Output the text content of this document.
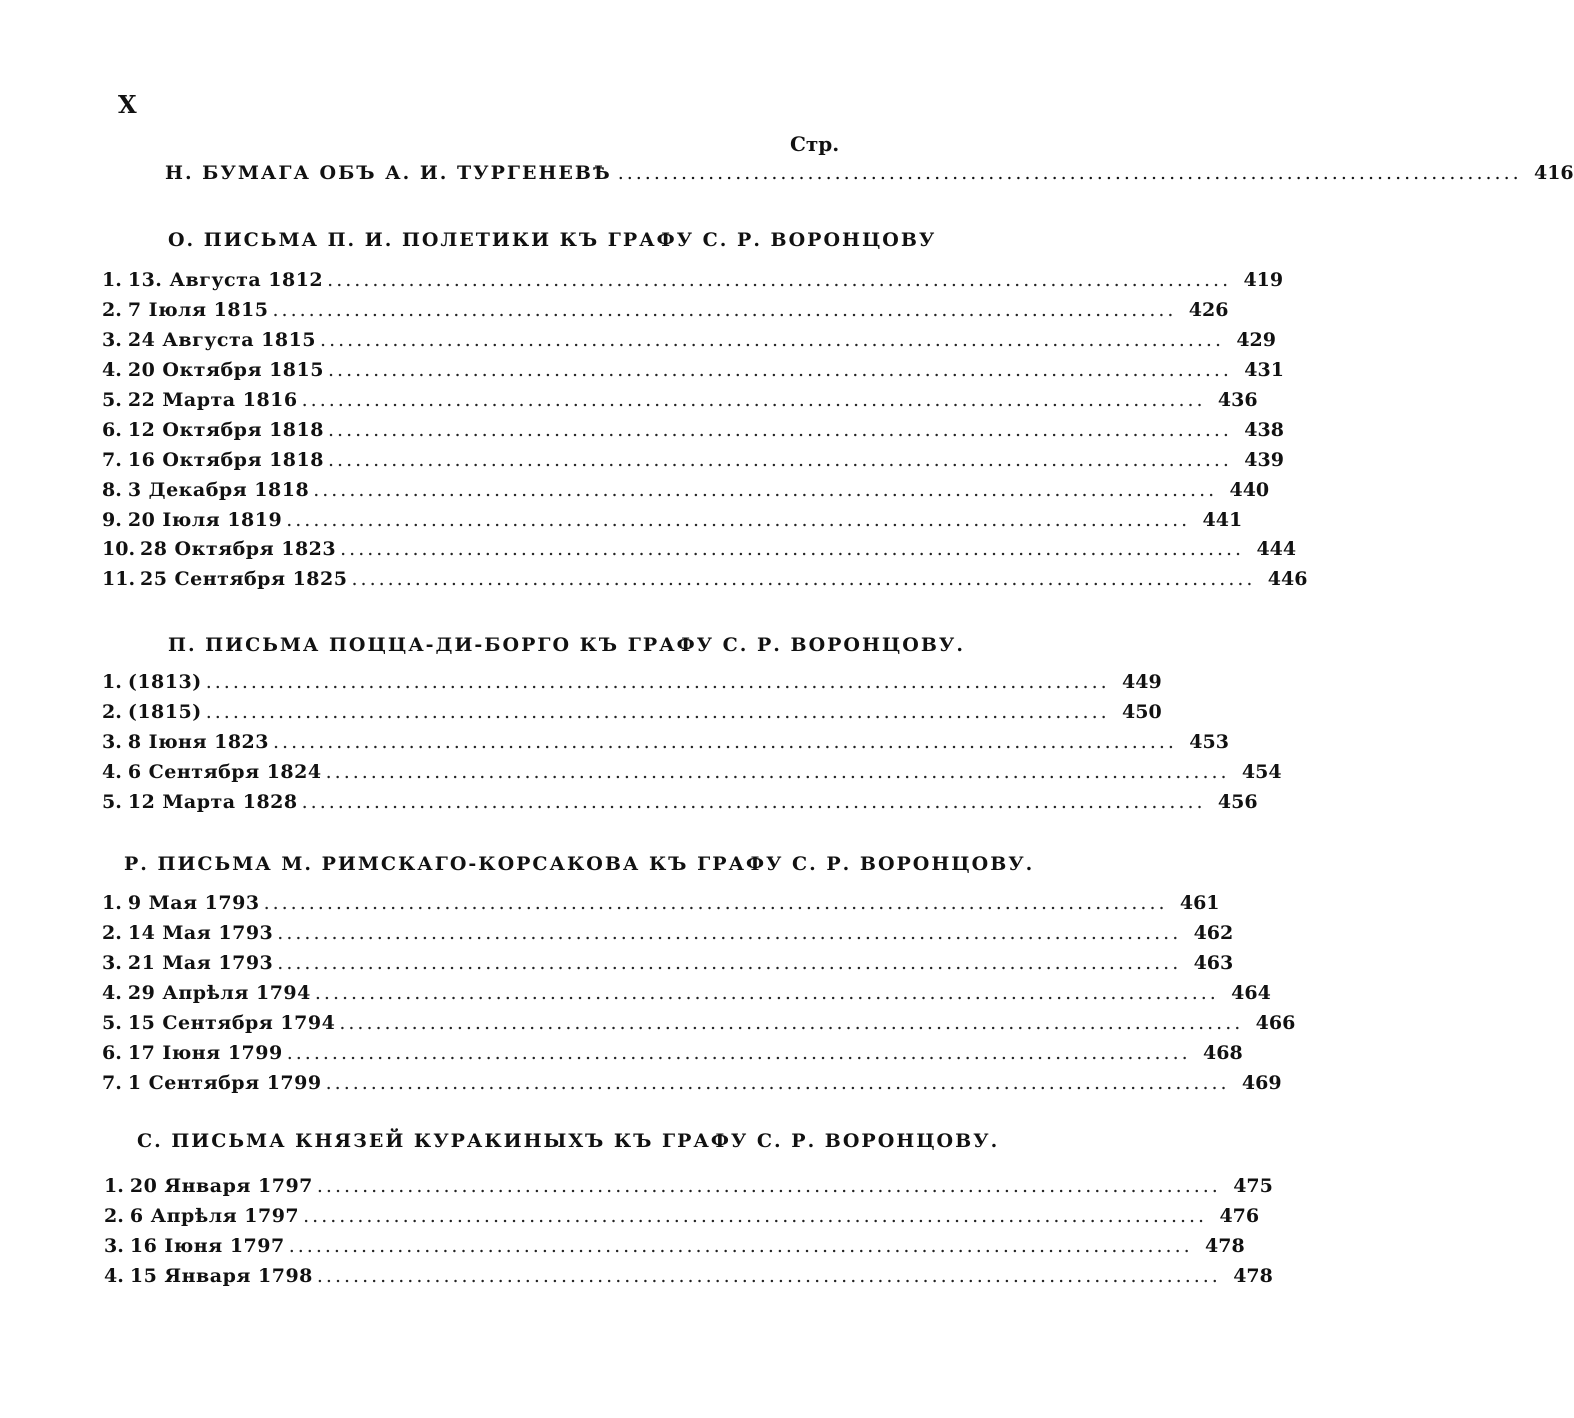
X
Стр.
Н. БУМАГА ОБЪ А. И. ТУРГЕНЕВѢ .................................................................................................... 416
О. ПИСЬМА П. И. ПОЛЕТИКИ КЪ ГРАФУ С. Р. ВОРОНЦОВУ
1. 13. Августа 1812 .................................................................................................... 419
2. 7 Іюля 1815 .................................................................................................... 426
3. 24 Августа 1815 .................................................................................................... 429
4. 20 Октября 1815 .................................................................................................... 431
5. 22 Марта 1816 .................................................................................................... 436
6. 12 Октября 1818 .................................................................................................... 438
7. 16 Октября 1818 .................................................................................................... 439
8. 3 Декабря 1818 .................................................................................................... 440
9. 20 Іюля 1819 .................................................................................................... 441
10. 28 Октября 1823 .................................................................................................... 444
11. 25 Сентября 1825 .................................................................................................... 446
П. ПИСЬМА ПОЦЦА-ДИ-БОРГО КЪ ГРАФУ С. Р. ВОРОНЦОВУ.
1. (1813) .................................................................................................... 449
2. (1815) .................................................................................................... 450
3. 8 Іюня 1823 .................................................................................................... 453
4. 6 Сентября 1824 .................................................................................................... 454
5. 12 Марта 1828 .................................................................................................... 456
Р. ПИСЬМА М. РИМСКАГО-КОРСАКОВА КЪ ГРАФУ С. Р. ВОРОНЦОВУ.
1. 9 Мая 1793 .................................................................................................... 461
2. 14 Мая 1793 .................................................................................................... 462
3. 21 Мая 1793 .................................................................................................... 463
4. 29 Апрѣля 1794 .................................................................................................... 464
5. 15 Сентября 1794 .................................................................................................... 466
6. 17 Іюня 1799 .................................................................................................... 468
7. 1 Сентября 1799 .................................................................................................... 469
С. ПИСЬМА КНЯЗЕЙ КУРАКИНЫХЪ КЪ ГРАФУ С. Р. ВОРОНЦОВУ.
1. 20 Января 1797 .................................................................................................... 475
2. 6 Апрѣля 1797 .................................................................................................... 476
3. 16 Іюня 1797 .................................................................................................... 478
4. 15 Января 1798 .................................................................................................... 478
